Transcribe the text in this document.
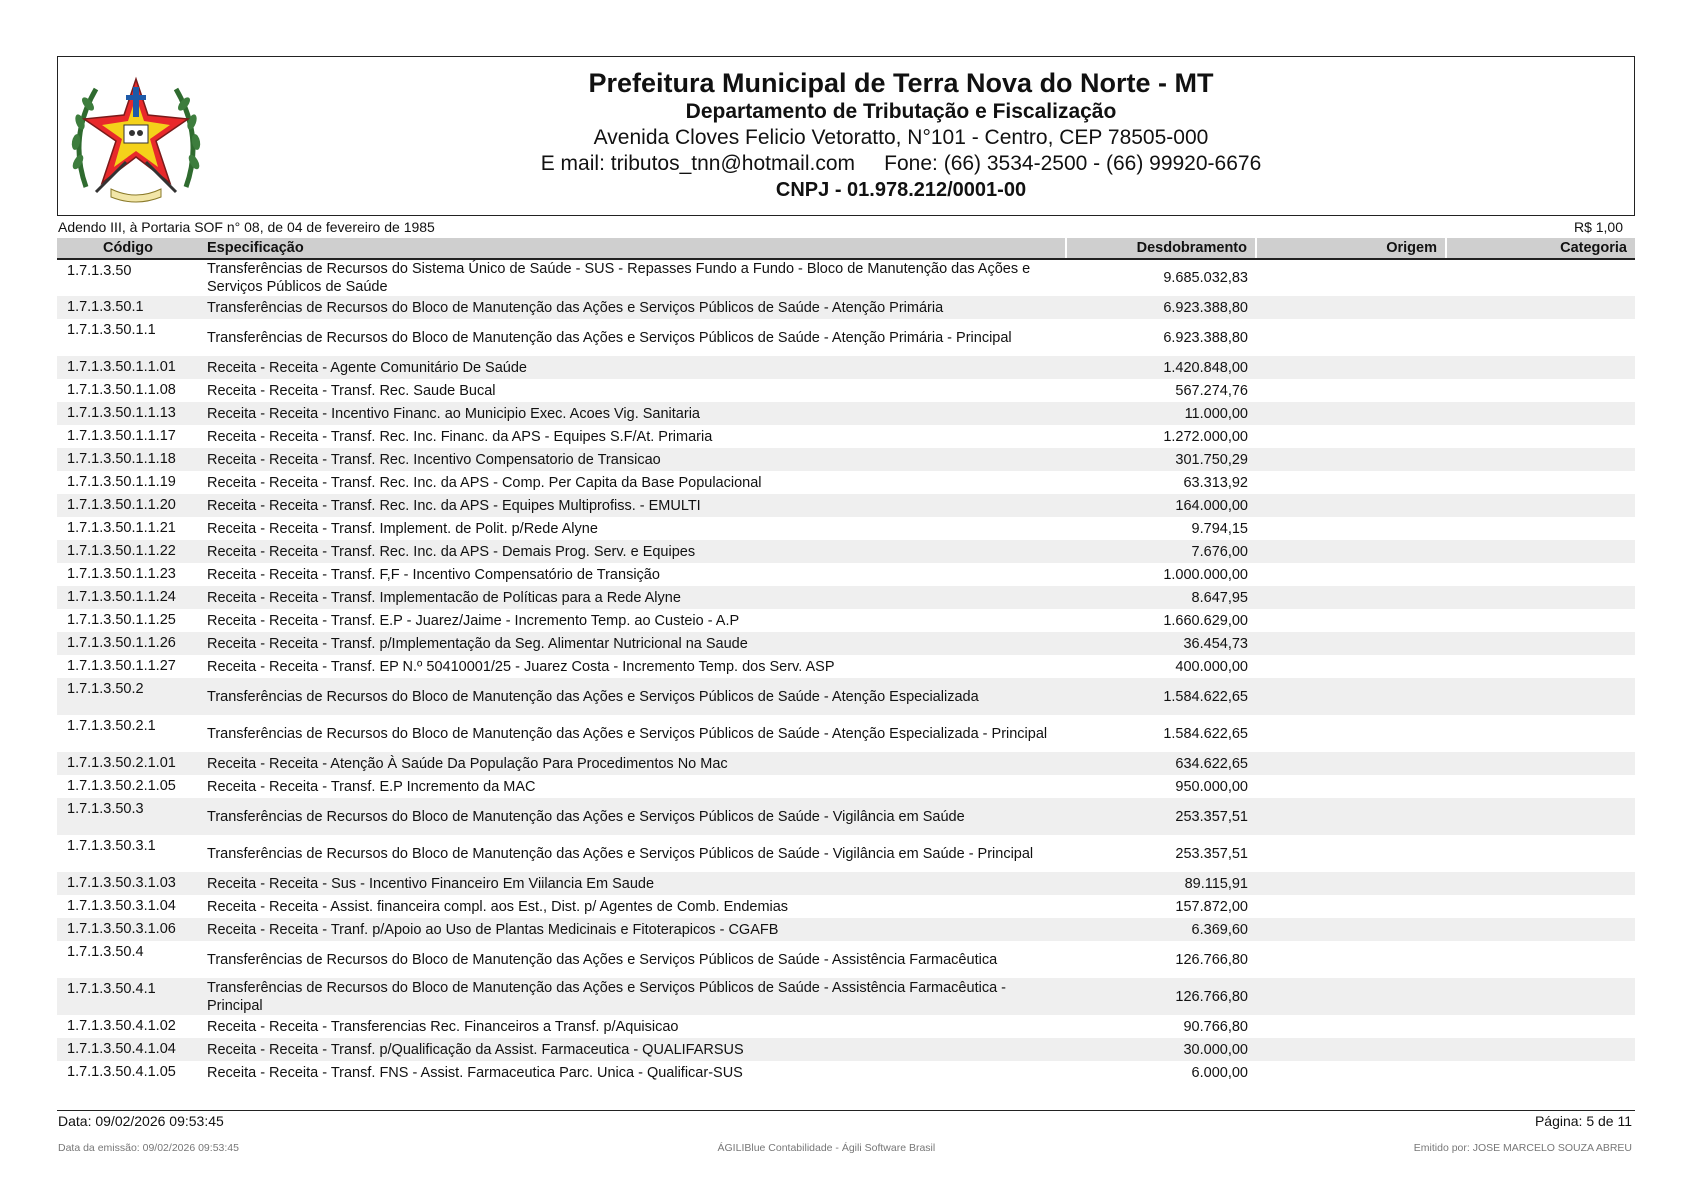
Prefeitura Municipal de Terra Nova do Norte - MT
Departamento de Tributação e Fiscalização
Avenida Cloves Felicio Vetoratto, N°101 - Centro, CEP 78505-000
E mail: tributos_tnn@hotmail.com     Fone: (66) 3534-2500 - (66) 99920-6676
CNPJ - 01.978.212/0001-00
Adendo III, à Portaria SOF n° 08, de 04 de fevereiro de 1985	R$ 1,00
Código	Especificação	Desdobramento	Origem	Categoria
1.7.1.3.50	Transferências de Recursos do Sistema Único de Saúde - SUS - Repasses Fundo a Fundo - Bloco de Manutenção das Ações e Serviços Públicos de Saúde	9.685.032,83		
1.7.1.3.50.1	Transferências de Recursos do Bloco de Manutenção das Ações e Serviços Públicos de Saúde - Atenção Primária	6.923.388,80		
1.7.1.3.50.1.1	Transferências de Recursos do Bloco de Manutenção das Ações e Serviços Públicos de Saúde - Atenção Primária - Principal	6.923.388,80		
1.7.1.3.50.1.1.01	Receita - Receita - Agente Comunitário De Saúde	1.420.848,00		
1.7.1.3.50.1.1.08	Receita - Receita - Transf. Rec. Saude Bucal	567.274,76		
1.7.1.3.50.1.1.13	Receita - Receita - Incentivo Financ. ao Municipio Exec. Acoes Vig. Sanitaria	11.000,00		
1.7.1.3.50.1.1.17	Receita - Receita - Transf. Rec. Inc. Financ. da APS - Equipes S.F/At. Primaria	1.272.000,00		
1.7.1.3.50.1.1.18	Receita - Receita - Transf. Rec. Incentivo Compensatorio de Transicao	301.750,29		
1.7.1.3.50.1.1.19	Receita - Receita - Transf. Rec. Inc. da APS - Comp. Per Capita da Base Populacional	63.313,92		
1.7.1.3.50.1.1.20	Receita - Receita - Transf. Rec. Inc. da APS - Equipes Multiprofiss. - EMULTI	164.000,00		
1.7.1.3.50.1.1.21	Receita - Receita - Transf. Implement. de Polit. p/Rede Alyne	9.794,15		
1.7.1.3.50.1.1.22	Receita - Receita - Transf. Rec. Inc. da APS - Demais Prog. Serv. e Equipes	7.676,00		
1.7.1.3.50.1.1.23	Receita - Receita - Transf. F,F - Incentivo Compensatório de Transição	1.000.000,00		
1.7.1.3.50.1.1.24	Receita - Receita - Transf. Implementacão de Políticas para a Rede Alyne	8.647,95		
1.7.1.3.50.1.1.25	Receita - Receita - Transf. E.P - Juarez/Jaime - Incremento Temp. ao Custeio - A.P	1.660.629,00		
1.7.1.3.50.1.1.26	Receita - Receita - Transf. p/Implementação da Seg. Alimentar Nutricional na Saude	36.454,73		
1.7.1.3.50.1.1.27	Receita - Receita - Transf. EP N.º 50410001/25 - Juarez Costa - Incremento Temp. dos Serv. ASP	400.000,00		
1.7.1.3.50.2	Transferências de Recursos do Bloco de Manutenção das Ações e Serviços Públicos de Saúde - Atenção Especializada	1.584.622,65		
1.7.1.3.50.2.1	Transferências de Recursos do Bloco de Manutenção das Ações e Serviços Públicos de Saúde - Atenção Especializada - Principal	1.584.622,65		
1.7.1.3.50.2.1.01	Receita - Receita - Atenção À Saúde Da População Para Procedimentos No Mac	634.622,65		
1.7.1.3.50.2.1.05	Receita - Receita - Transf. E.P Incremento da MAC	950.000,00		
1.7.1.3.50.3	Transferências de Recursos do Bloco de Manutenção das Ações e Serviços Públicos de Saúde - Vigilância em Saúde	253.357,51		
1.7.1.3.50.3.1	Transferências de Recursos do Bloco de Manutenção das Ações e Serviços Públicos de Saúde - Vigilância em Saúde - Principal	253.357,51		
1.7.1.3.50.3.1.03	Receita - Receita - Sus - Incentivo Financeiro Em Viilancia Em Saude	89.115,91		
1.7.1.3.50.3.1.04	Receita - Receita - Assist. financeira compl. aos Est., Dist. p/ Agentes de Comb. Endemias	157.872,00		
1.7.1.3.50.3.1.06	Receita - Receita - Tranf. p/Apoio ao Uso de Plantas Medicinais e Fitoterapicos - CGAFB	6.369,60		
1.7.1.3.50.4	Transferências de Recursos do Bloco de Manutenção das Ações e Serviços Públicos de Saúde - Assistência Farmacêutica	126.766,80		
1.7.1.3.50.4.1	Transferências de Recursos do Bloco de Manutenção das Ações e Serviços Públicos de Saúde - Assistência Farmacêutica - Principal	126.766,80		
1.7.1.3.50.4.1.02	Receita - Receita - Transferencias Rec. Financeiros a Transf. p/Aquisicao	90.766,80		
1.7.1.3.50.4.1.04	Receita - Receita - Transf. p/Qualificação da Assist. Farmaceutica - QUALIFARSUS	30.000,00		
1.7.1.3.50.4.1.05	Receita - Receita - Transf. FNS - Assist. Farmaceutica Parc. Unica - Qualificar-SUS	6.000,00		
Data: 09/02/2026 09:53:45	Página: 5 de 11
Data da emissão: 09/02/2026 09:53:45	ÁGILIBlue Contabilidade - Ágili Software Brasil	Emitido por: JOSE MARCELO SOUZA ABREU
